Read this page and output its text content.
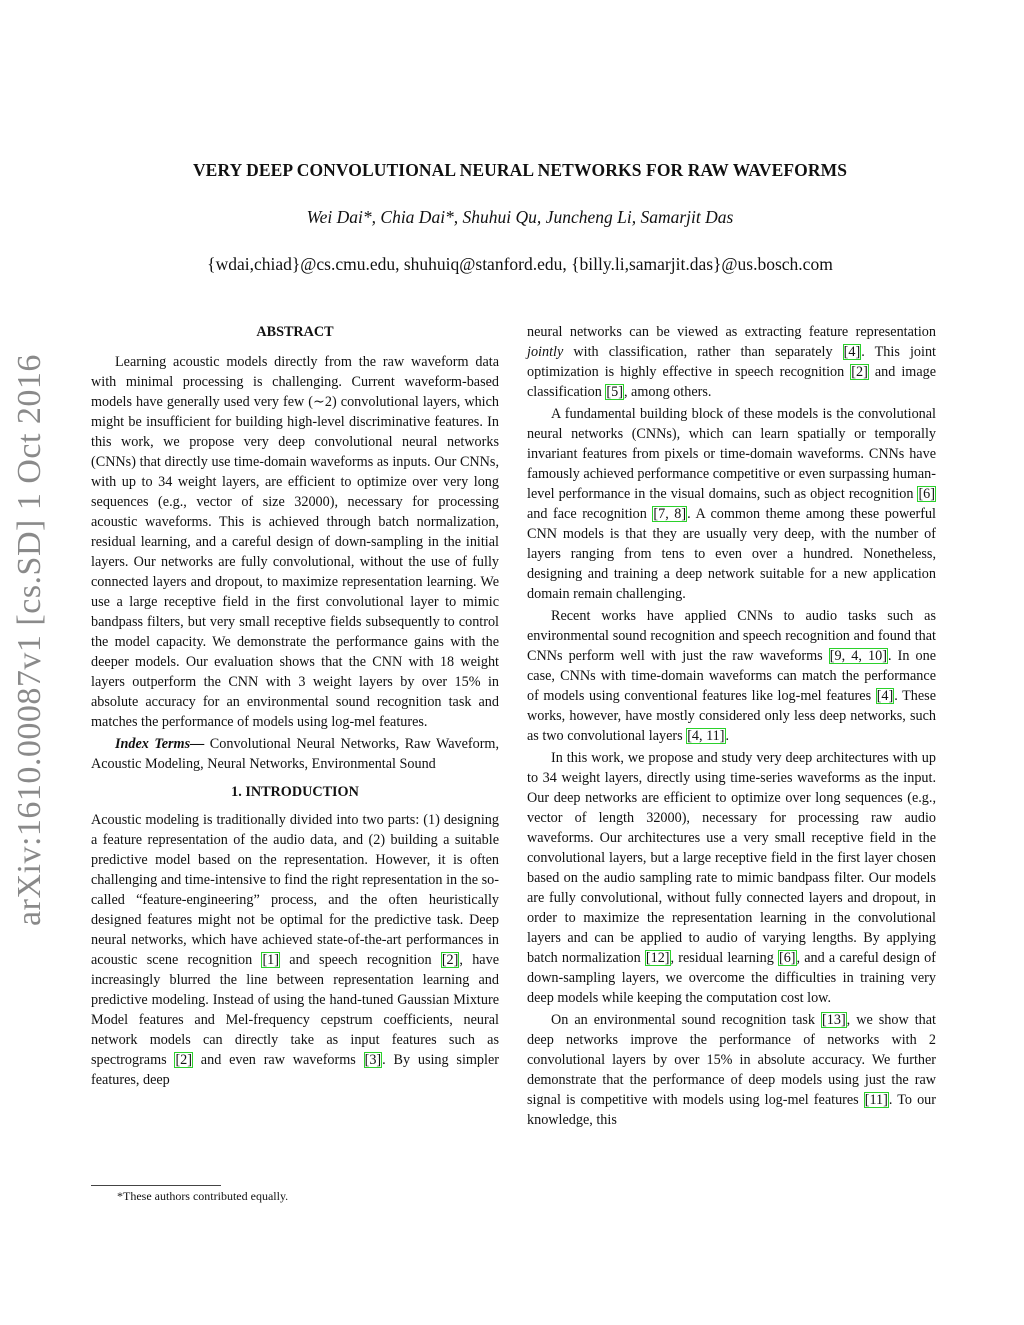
arXiv:1610.00087v1 [cs.SD] 1 Oct 2016
VERY DEEP CONVOLUTIONAL NEURAL NETWORKS FOR RAW WAVEFORMS
Wei Dai*, Chia Dai*, Shuhui Qu, Juncheng Li, Samarjit Das
{wdai,chiad}@cs.cmu.edu, shuhuiq@stanford.edu, {billy.li,samarjit.das}@us.bosch.com
ABSTRACT

Learning acoustic models directly from the raw waveform data with minimal processing is challenging. Current waveform-based models have generally used very few (∼2) convolutional layers, which might be insufficient for building high-level discriminative features. In this work, we propose very deep convolutional neural networks (CNNs) that directly use time-domain waveforms as inputs. Our CNNs, with up to 34 weight layers, are efficient to optimize over very long sequences (e.g., vector of size 32000), necessary for processing acoustic waveforms. This is achieved through batch normalization, residual learning, and a careful design of down-sampling in the initial layers. Our networks are fully convolutional, without the use of fully connected layers and dropout, to maximize representation learning. We use a large receptive field in the first convolutional layer to mimic bandpass filters, but very small receptive fields subsequently to control the model capacity. We demonstrate the performance gains with the deeper models. Our evaluation shows that the CNN with 18 weight layers outperform the CNN with 3 weight layers by over 15% in absolute accuracy for an environmental sound recognition task and matches the performance of models using log-mel features.

Index Terms— Convolutional Neural Networks, Raw Waveform, Acoustic Modeling, Neural Networks, Environmental Sound

1. INTRODUCTION

Acoustic modeling is traditionally divided into two parts: (1) designing a feature representation of the audio data, and (2) building a suitable predictive model based on the representation. However, it is often challenging and time-intensive to find the right representation in the so-called “feature-engineering” process, and the often heuristically designed features might not be optimal for the predictive task. Deep neural networks, which have achieved state-of-the-art performances in acoustic scene recognition [1] and speech recognition [2], have increasingly blurred the line between representation learning and predictive modeling. Instead of using the hand-tuned Gaussian Mixture Model features and Mel-frequency cepstrum coefficients, neural network models can directly take as input features such as spectrograms [2] and even raw waveforms [3]. By using simpler features, deep

*These authors contributed equally.

neural networks can be viewed as extracting feature representation jointly with classification, rather than separately [4]. This joint optimization is highly effective in speech recognition [2] and image classification [5], among others.

A fundamental building block of these models is the convolutional neural networks (CNNs), which can learn spatially or temporally invariant features from pixels or time-domain waveforms. CNNs have famously achieved performance competitive or even surpassing human-level performance in the visual domains, such as object recognition [6] and face recognition [7, 8]. A common theme among these powerful CNN models is that they are usually very deep, with the number of layers ranging from tens to even over a hundred. Nonetheless, designing and training a deep network suitable for a new application domain remain challenging.

Recent works have applied CNNs to audio tasks such as environmental sound recognition and speech recognition and found that CNNs perform well with just the raw waveforms [9, 4, 10]. In one case, CNNs with time-domain waveforms can match the performance of models using conventional features like log-mel features [4]. These works, however, have mostly considered only less deep networks, such as two convolutional layers [4, 11].

In this work, we propose and study very deep architectures with up to 34 weight layers, directly using time-series waveforms as the input. Our deep networks are efficient to optimize over long sequences (e.g., vector of length 32000), necessary for processing raw audio waveforms. Our architectures use a very small receptive field in the convolutional layers, but a large receptive field in the first layer chosen based on the audio sampling rate to mimic bandpass filter. Our models are fully convolutional, without fully connected layers and dropout, in order to maximize the representation learning in the convolutional layers and can be applied to audio of varying lengths. By applying batch normalization [12], residual learning [6], and a careful design of down-sampling layers, we overcome the difficulties in training very deep models while keeping the computation cost low.

On an environmental sound recognition task [13], we show that deep networks improve the performance of networks with 2 convolutional layers by over 15% in absolute accuracy. We further demonstrate that the performance of deep models using just the raw signal is competitive with models using log-mel features [11]. To our knowledge, this
